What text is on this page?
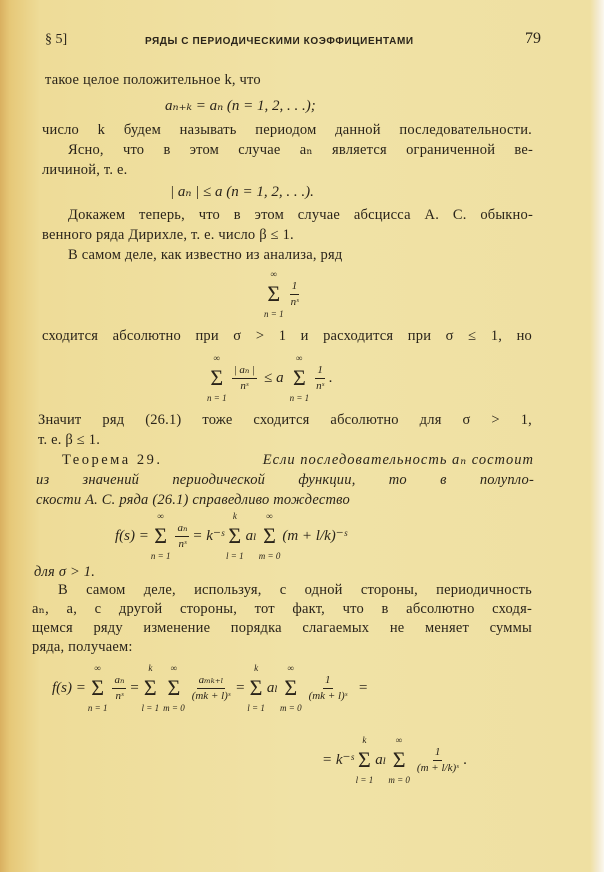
§ 5]	РЯДЫ С ПЕРИОДИЧЕСКИМИ КОЭФФИЦИЕНТАМИ	79
такое целое положительное k, что
aₙ₊ₖ = aₙ (n = 1, 2, . . .);
число k будем называть периодом данной последовательности.
Ясно, что в этом случае aₙ является ограниченной ве-
личиной, т. е.
| aₙ | ≤ a (n = 1, 2, . . .).
Докажем теперь, что в этом случае абсцисса А. С. обыкно-
венного ряда Дирихле, т. е. число β ≤ 1.
В самом деле, как известно из анализа, ряд
∞
Σ
n = 1
$\frac{1}{\text{nˢ}}$
сходится абсолютно при σ > 1 и расходится при σ ≤ 1, но
∞
Σ
n = 1
$\frac{\text{| aₙ |}}{\text{nˢ}} \le a$
∞
Σ
n = 1
$\frac{1}{\text{nˢ}}$ .
Значит ряд (26.1) тоже сходится абсолютно для σ > 1,
т. е. β ≤ 1.
Теорема 29.	Если последовательность aₙ состоит
из значений периодической функции, то в полупло-
скости А. С. ряда (26.1) справедливо тождество
f(s) =
∞
Σ
n = 1
$\frac{\text{aₙ}}{\text{nˢ}}$ = k⁻ˢ
k
Σ
l = 1
aₗ
∞
Σ
m = 0
(m + l/k)⁻ˢ
для σ > 1.
В самом деле, используя, с одной стороны, периодичность
aₙ, а, с другой стороны, тот факт, что в абсолютно сходя-
щемся ряду изменение порядка слагаемых не меняет суммы
ряда, получаем:
f(s) =
∞
Σ
n = 1
$\frac{\text{aₙ}}{\text{nˢ}}$ =
k
Σ
l = 1
∞
Σ
m = 0
$\frac{\text{aₘₖ₊ₗ}}{\text{(mk + l)ˢ}}$ =
k
Σ
l = 1
aₗ
∞
Σ
m = 0
$\frac{1}{\text{(mk + l)ˢ}}$ =
= k⁻ˢ
k
Σ
l = 1
aₗ
∞
Σ
m = 0
$\frac{1}{\text{(m + l/k)ˢ}}$ .
